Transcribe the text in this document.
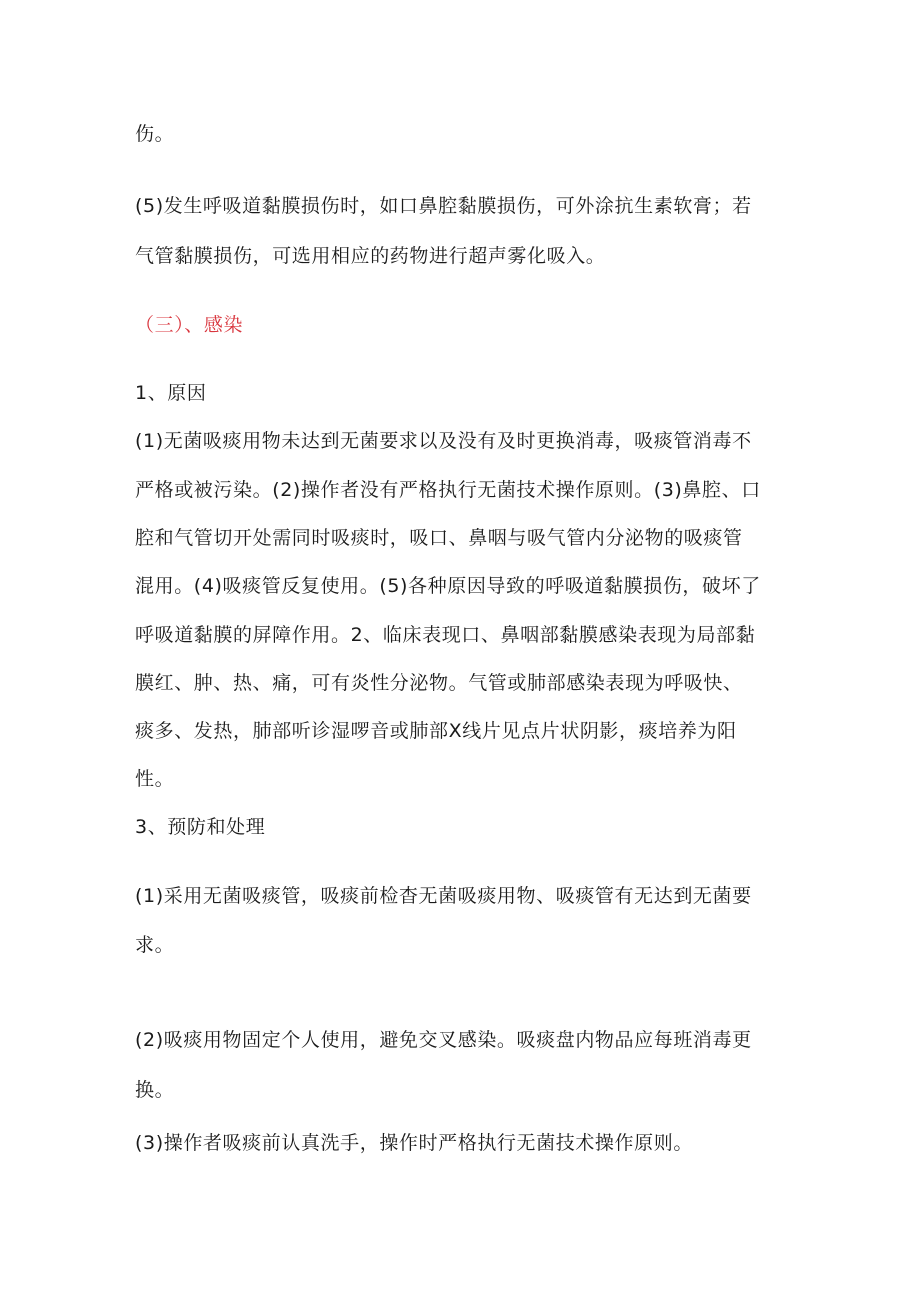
伤。
(5)发生呼吸道黏膜损伤时，如口鼻腔黏膜损伤，可外涂抗生素软膏；若
气管黏膜损伤，可选用相应的药物进行超声雾化吸入。
（三）、感染
1、原因
(1)无菌吸痰用物未达到无菌要求以及没有及时更换消毒，吸痰管消毒不
严格或被污染。(2)操作者没有严格执行无菌技术操作原则。(3)鼻腔、口
腔和气管切开处需同时吸痰时，吸口、鼻咽与吸气管内分泌物的吸痰管
混用。(4)吸痰管反复使用。(5)各种原因导致的呼吸道黏膜损伤，破坏了
呼吸道黏膜的屏障作用。2、临床表现口、鼻咽部黏膜感染表现为局部黏
膜红、肿、热、痛，可有炎性分泌物。气管或肺部感染表现为呼吸快、
痰多、发热，肺部听诊湿啰音或肺部X线片见点片状阴影，痰培养为阳
性。
3、预防和处理
(1)采用无菌吸痰管，吸痰前检杳无菌吸痰用物、吸痰管有无达到无菌要
求。
(2)吸痰用物固定个人使用，避免交叉感染。吸痰盘内物品应每班消毒更
换。
(3)操作者吸痰前认真洗手，操作时严格执行无菌技术操作原则。
